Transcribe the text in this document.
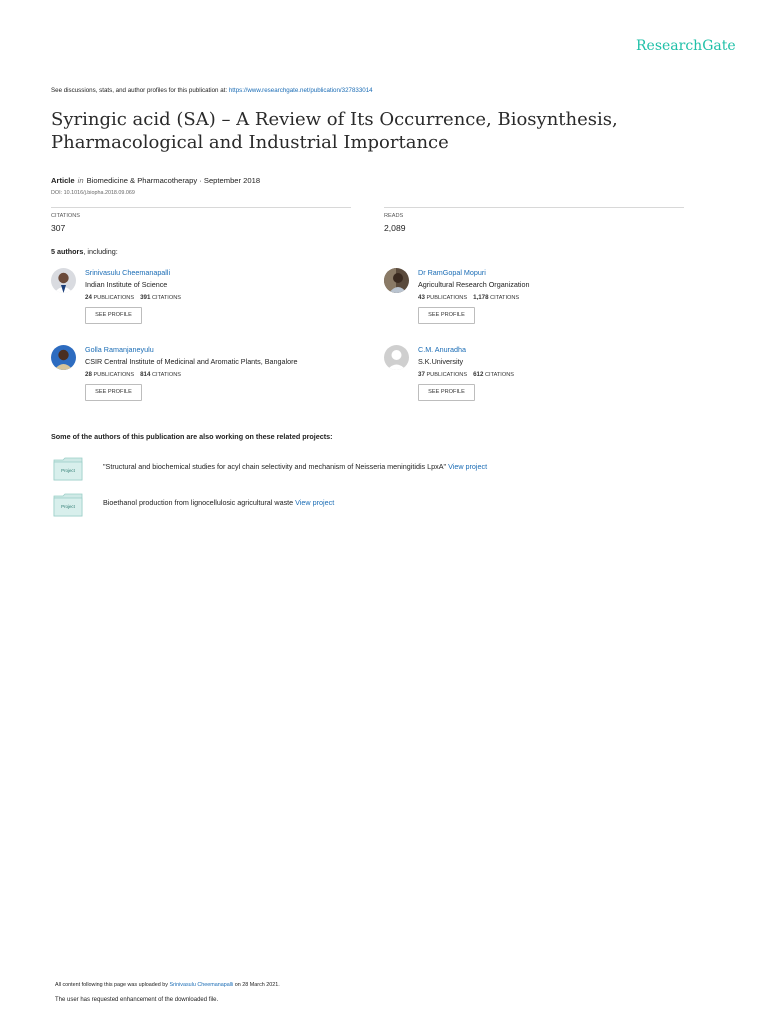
ResearchGate
See discussions, stats, and author profiles for this publication at: https://www.researchgate.net/publication/327833014
Syringic acid (SA) – A Review of Its Occurrence, Biosynthesis, Pharmacological and Industrial Importance
Article in Biomedicine & Pharmacotherapy · September 2018
DOI: 10.1016/j.biopha.2018.09.069
CITATIONS
307
READS
2,089
5 authors, including:
Srinivasulu Cheemanapalli
Indian Institute of Science
24 PUBLICATIONS 391 CITATIONS
SEE PROFILE
Dr RamGopal Mopuri
Agricultural Research Organization
43 PUBLICATIONS 1,178 CITATIONS
SEE PROFILE
Golla Ramanjaneyulu
CSIR Central Institute of Medicinal and Aromatic Plants, Bangalore
28 PUBLICATIONS 814 CITATIONS
SEE PROFILE
C.M. Anuradha
S.K.University
37 PUBLICATIONS 612 CITATIONS
SEE PROFILE
Some of the authors of this publication are also working on these related projects:
Project	"Structural and biochemical studies for acyl chain selectivity and mechanism of Neisseria meningitidis LpxA" View project
Project	Bioethanol production from lignocellulosic agricultural waste View project
All content following this page was uploaded by Srinivasulu Cheemanapalli on 28 March 2021.
The user has requested enhancement of the downloaded file.
